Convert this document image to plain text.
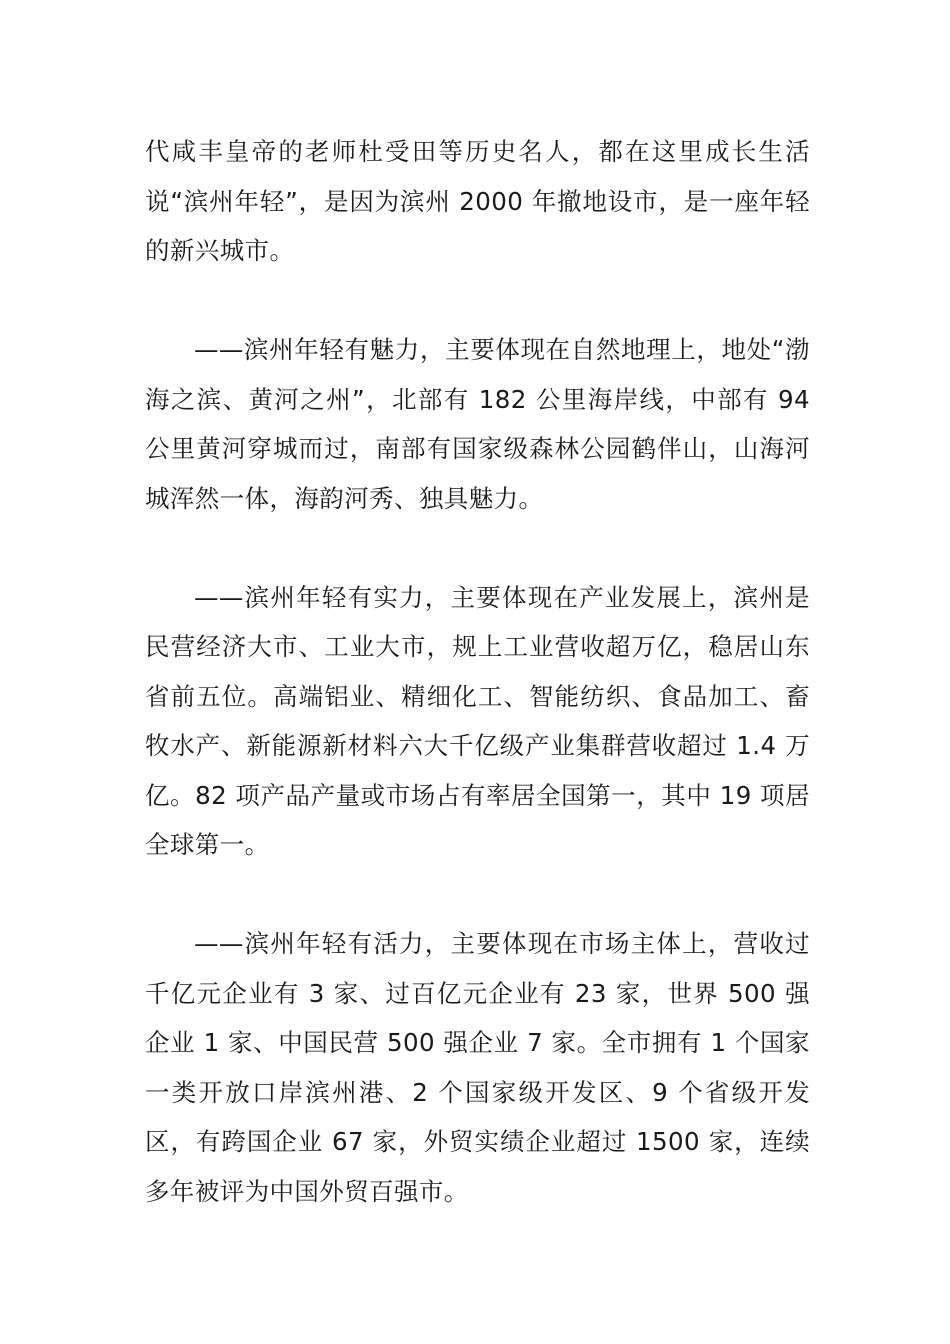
代咸丰皇帝的老师杜受田等历史名人，都在这里成长生活说“滨州年轻”，是因为滨州 2000 年撤地设市，是一座年轻的新兴城市。

——滨州年轻有魅力，主要体现在自然地理上，地处“渤海之滨、黄河之州”，北部有 182 公里海岸线，中部有 94 公里黄河穿城而过，南部有国家级森林公园鹤伴山，山海河城浑然一体，海韵河秀、独具魅力。

——滨州年轻有实力，主要体现在产业发展上，滨州是民营经济大市、工业大市，规上工业营收超万亿，稳居山东省前五位。高端铝业、精细化工、智能纺织、食品加工、畜牧水产、新能源新材料六大千亿级产业集群营收超过 1.4 万亿。82 项产品产量或市场占有率居全国第一，其中 19 项居全球第一。

——滨州年轻有活力，主要体现在市场主体上，营收过千亿元企业有 3 家、过百亿元企业有 23 家，世界 500 强企业 1 家、中国民营 500 强企业 7 家。全市拥有 1 个国家一类开放口岸滨州港、2 个国家级开发区、9 个省级开发区，有跨国企业 67 家，外贸实绩企业超过 1500 家，连续多年被评为中国外贸百强市。
